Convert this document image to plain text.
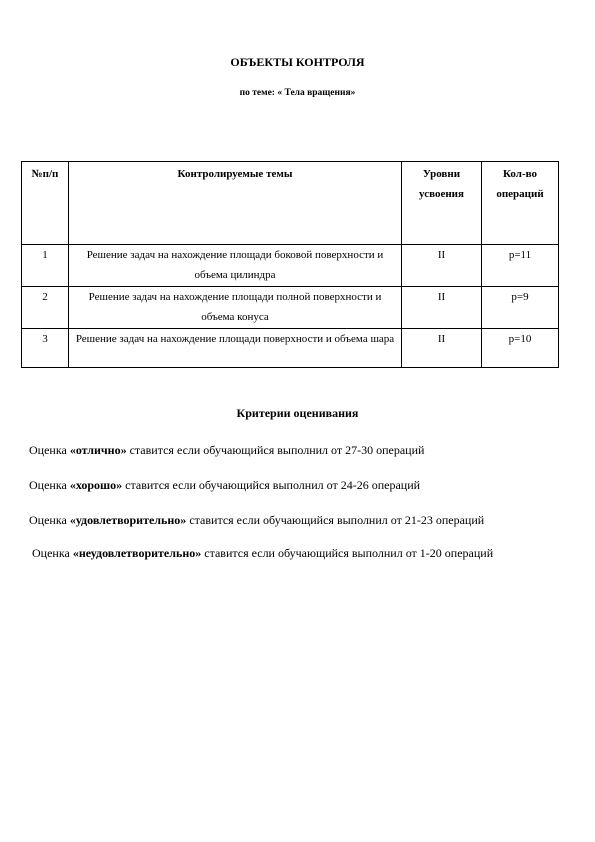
ОБЪЕКТЫ КОНТРОЛЯ
по теме: « Тела вращения»
№п/п	Контролируемые темы	Уровни усвоения	Кол-во операций
1	Решение задач на нахождение площади боковой поверхности и объема цилиндра	II	p=11
2	Решение задач на нахождение площади полной поверхности и объема конуса	II	p=9
3	Решение задач на нахождение площади поверхности и объема шара	II	p=10
Критерии оценивания
Оценка «отлично» ставится если обучающийся выполнил от 27-30 операций
Оценка «хорошо» ставится если обучающийся выполнил от 24-26 операций
Оценка «удовлетворительно» ставится если обучающийся выполнил от 21-23 операций
Оценка «неудовлетворительно» ставится если обучающийся выполнил от 1-20 операций
